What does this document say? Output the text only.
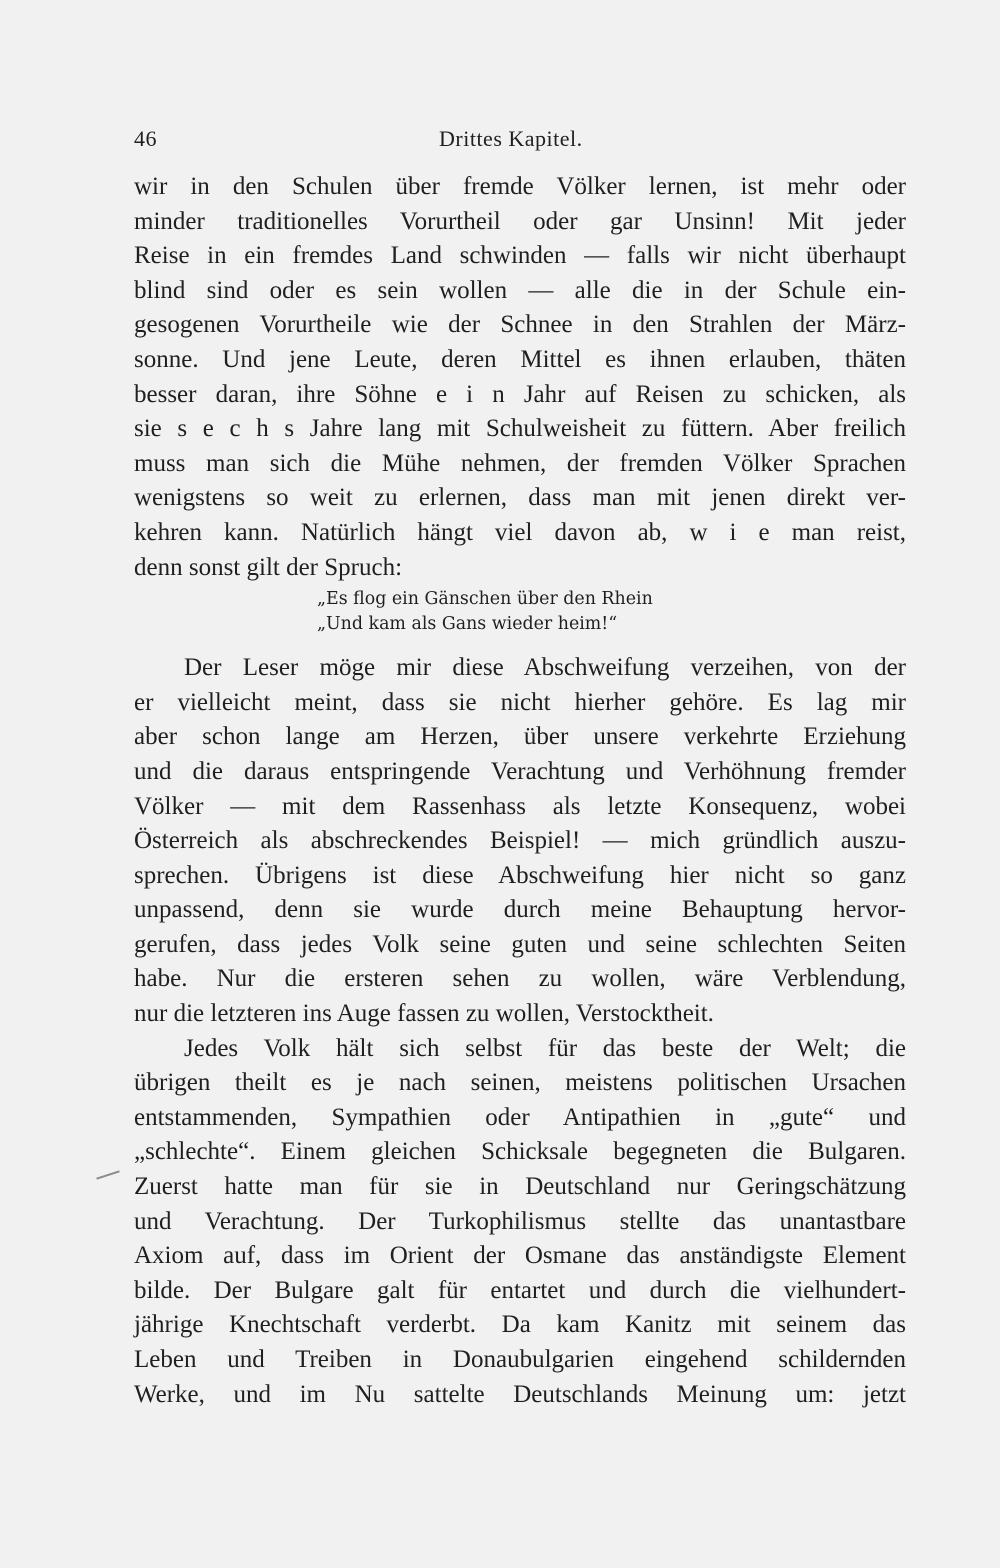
46	Drittes Kapitel.
wir in den Schulen über fremde Völker lernen, ist mehr oder
minder traditionelles Vorurtheil oder gar Unsinn! Mit jeder
Reise in ein fremdes Land schwinden — falls wir nicht überhaupt
blind sind oder es sein wollen — alle die in der Schule ein-
gesogenen Vorurtheile wie der Schnee in den Strahlen der März-
sonne. Und jene Leute, deren Mittel es ihnen erlauben, thäten
besser daran, ihre Söhne e i n Jahr auf Reisen zu schicken, als
sie s e c h s Jahre lang mit Schulweisheit zu füttern. Aber freilich
muss man sich die Mühe nehmen, der fremden Völker Sprachen
wenigstens so weit zu erlernen, dass man mit jenen direkt ver-
kehren kann. Natürlich hängt viel davon ab, w i e man reist,
denn sonst gilt der Spruch:
„Es flog ein Gänschen über den Rhein
„Und kam als Gans wieder heim!“
Der Leser möge mir diese Abschweifung verzeihen, von der
er vielleicht meint, dass sie nicht hierher gehöre. Es lag mir
aber schon lange am Herzen, über unsere verkehrte Erziehung
und die daraus entspringende Verachtung und Verhöhnung fremder
Völker — mit dem Rassenhass als letzte Konsequenz, wobei
Österreich als abschreckendes Beispiel! — mich gründlich auszu-
sprechen. Übrigens ist diese Abschweifung hier nicht so ganz
unpassend, denn sie wurde durch meine Behauptung hervor-
gerufen, dass jedes Volk seine guten und seine schlechten Seiten
habe. Nur die ersteren sehen zu wollen, wäre Verblendung,
nur die letzteren ins Auge fassen zu wollen, Verstocktheit.
Jedes Volk hält sich selbst für das beste der Welt; die
übrigen theilt es je nach seinen, meistens politischen Ursachen
entstammenden, Sympathien oder Antipathien in „gute“ und
„schlechte“. Einem gleichen Schicksale begegneten die Bulgaren.
Zuerst hatte man für sie in Deutschland nur Geringschätzung
und Verachtung. Der Turkophilismus stellte das unantastbare
Axiom auf, dass im Orient der Osmane das anständigste Element
bilde. Der Bulgare galt für entartet und durch die vielhundert-
jährige Knechtschaft verderbt. Da kam Kanitz mit seinem das
Leben und Treiben in Donaubulgarien eingehend schildernden
Werke, und im Nu sattelte Deutschlands Meinung um: jetzt
